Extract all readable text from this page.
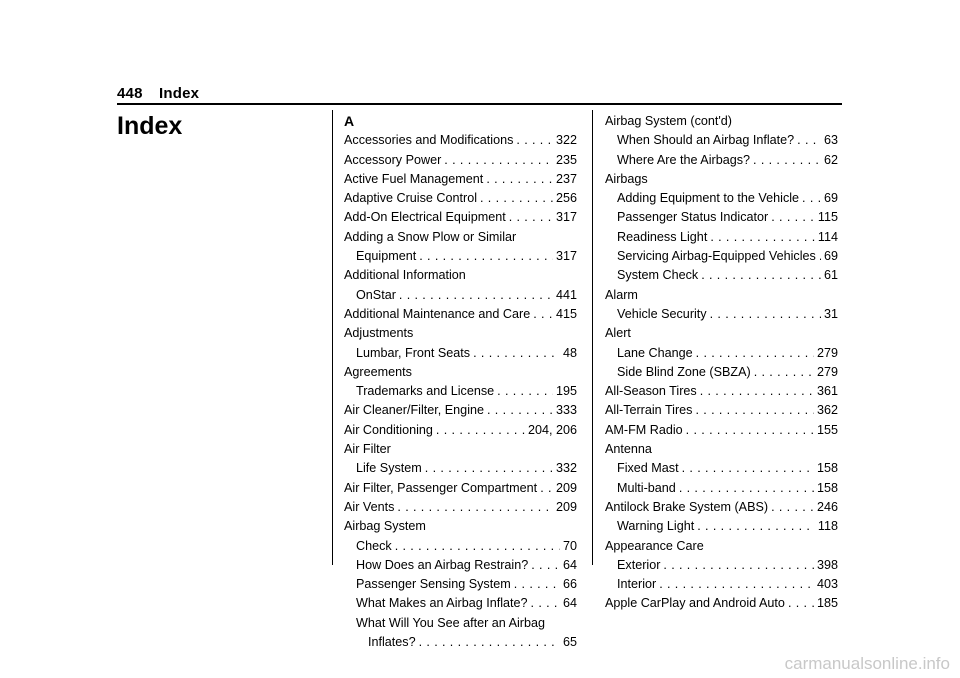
448 Index
Index	A
Accessories and Modifications . . .	322
Accessory Power . . .	235
Active Fuel Management . . .	237
Adaptive Cruise Control . . .	256
Add-On Electrical Equipment . . .	317
Adding a Snow Plow or Similar
Equipment . . .	317
Additional Information
OnStar . . .	441
Additional Maintenance and Care . . . 415
Adjustments
Lumbar, Front Seats . . .	48
Agreements
Trademarks and License . . .	195
Air Cleaner/Filter, Engine . . .	333
Air Conditioning . . .	204, 206
Air Filter
Life System . . .	332
Air Filter, Passenger Compartment . . . 209
Air Vents . . .	209
Airbag System
Check . . .	70
How Does an Airbag Restrain? . . .	64
Passenger Sensing System . . .	66
What Makes an Airbag Inflate? . . .	64
What Will You See after an Airbag
Inflates? . . .	65
Airbag System (cont'd)
When Should an Airbag Inflate? . . . 63
Where Are the Airbags? . . .	62
Airbags
Adding Equipment to the Vehicle . . . 69
Passenger Status Indicator . . .	115
Readiness Light . . .	114
Servicing Airbag-Equipped Vehicles . . . 69
System Check . . .	61
Alarm
Vehicle Security . . .	31
Alert
Lane Change . . .	279
Side Blind Zone (SBZA) . . .	279
All-Season Tires . . .	361
All-Terrain Tires . . .	362
AM-FM Radio . . .	155
Antenna
Fixed Mast . . .	158
Multi-band . . .	158
Antilock Brake System (ABS) . . .	246
Warning Light . . .	118
Appearance Care
Exterior . . .	398
Interior . . .	403
Apple CarPlay and Android Auto . . .	185
carmanualsonline.info
